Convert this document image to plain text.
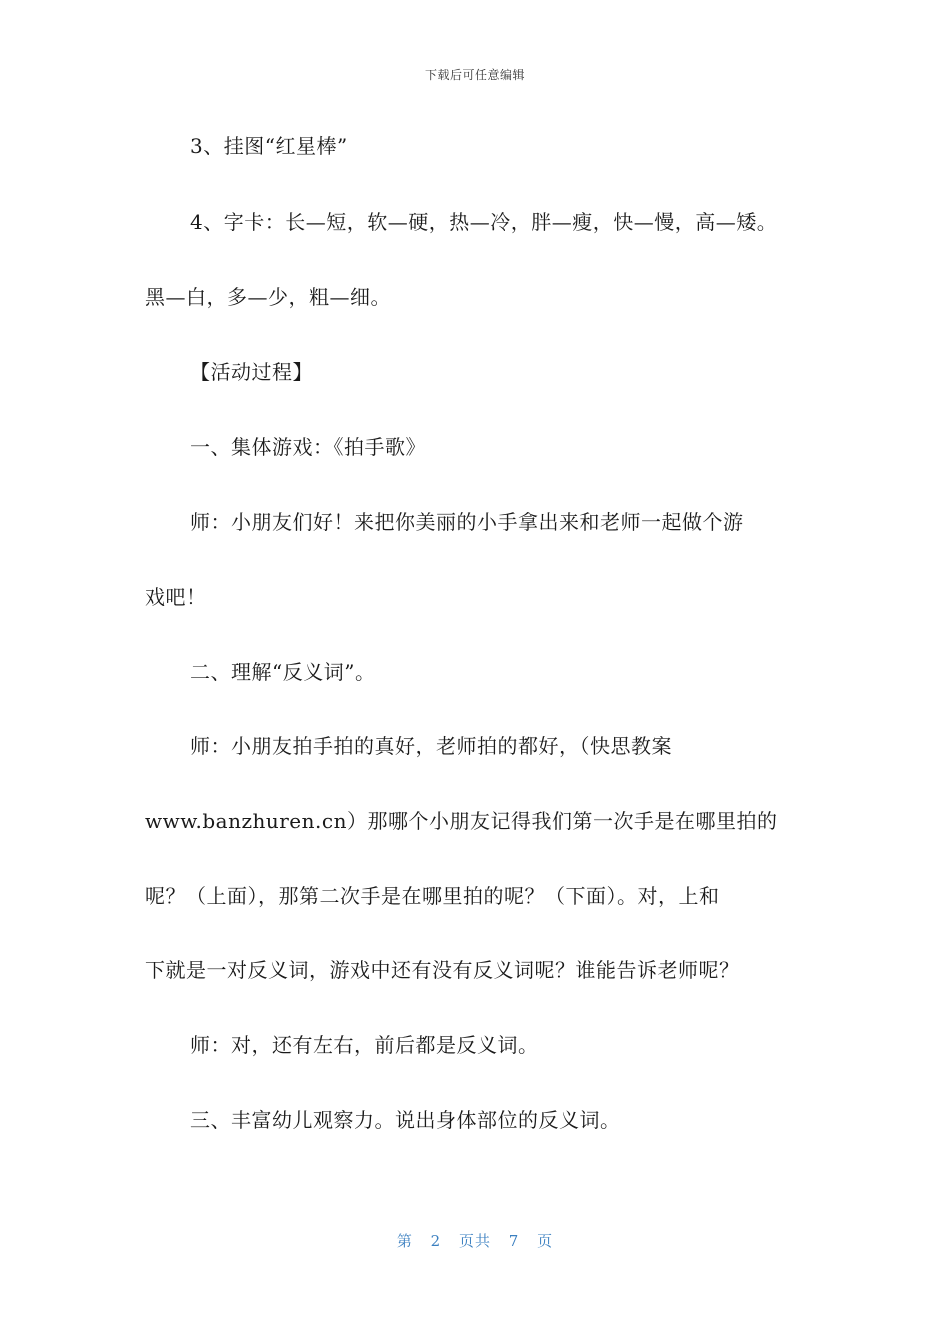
下载后可任意编辑
3、挂图“红星棒”
4、字卡：长—短，软—硬，热—冷，胖—瘦，快—慢，高—矮。
黑—白，多—少，粗—细。
【活动过程】
一、集体游戏：《拍手歌》
师：小朋友们好！来把你美丽的小手拿出来和老师一起做个游
戏吧！
二、理解“反义词”。
师：小朋友拍手拍的真好，老师拍的都好，（快思教案
www.banzhuren.cn）那哪个小朋友记得我们第一次手是在哪里拍的
呢？（上面），那第二次手是在哪里拍的呢？（下面）。对，上和
下就是一对反义词，游戏中还有没有反义词呢？谁能告诉老师呢？
师：对，还有左右，前后都是反义词。
三、丰富幼儿观察力。说出身体部位的反义词。
第 2 页共 7 页
